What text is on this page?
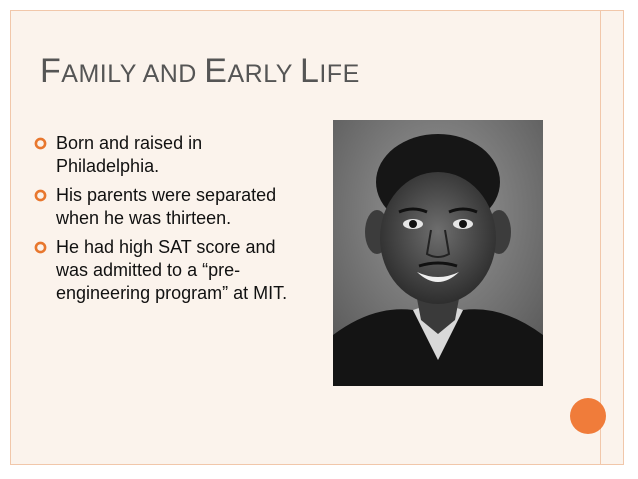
FAMILY AND EARLY LIFE
Born and raised in Philadelphia.
His parents were separated when he was thirteen.
He had high SAT score and was admitted to a “pre-engineering program” at MIT.
